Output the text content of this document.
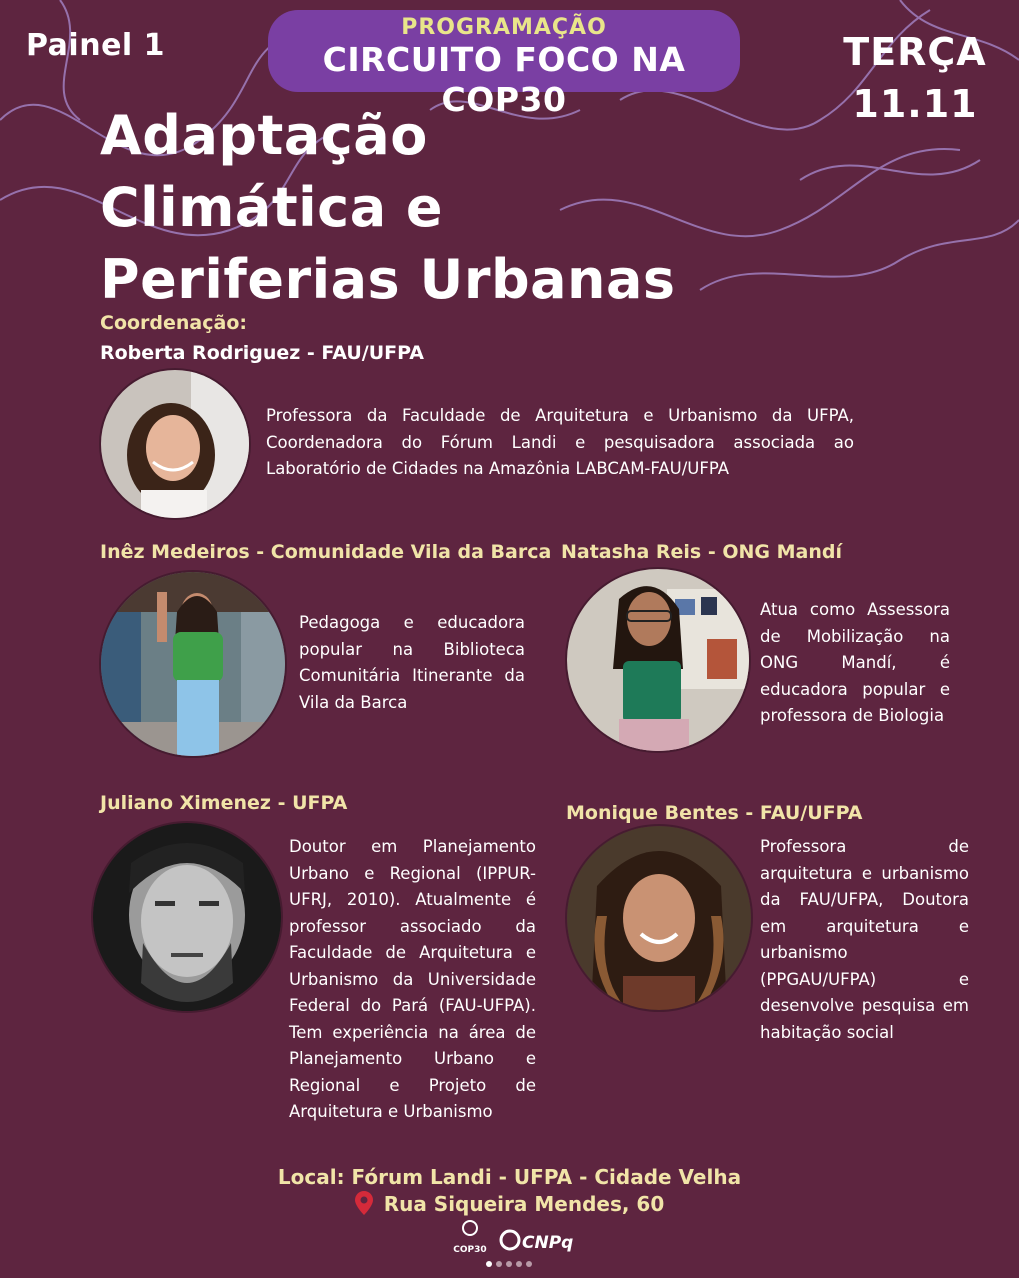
Painel 1
PROGRAMAÇÃO
CIRCUITO FOCO NA COP30
TERÇA
11.11
Adaptação
Climática e
Periferias Urbanas
Coordenação:
Roberta Rodriguez - FAU/UFPA
Professora da Faculdade de Arquitetura e Urbanismo da UFPA, Coordenadora do Fórum Landi e pesquisadora associada ao Laboratório de Cidades na Amazônia LABCAM-FAU/UFPA
Inêz Medeiros - Comunidade Vila da Barca
Pedagoga e educadora popular na Biblioteca Comunitária Itinerante da Vila da Barca
Natasha Reis - ONG Mandí
Atua como Assessora de Mobilização na ONG Mandí, é educadora popular e professora de Biologia
Juliano Ximenez - UFPA
Doutor em Planejamento Urbano e Regional (IPPUR-UFRJ, 2010). Atualmente é professor associado da Faculdade de Arquitetura e Urbanismo da Universidade Federal do Pará (FAU-UFPA). Tem experiência na área de Planejamento Urbano e Regional e Projeto de Arquitetura e Urbanismo
Monique Bentes - FAU/UFPA
Professora de arquitetura e urbanismo da FAU/UFPA, Doutora em arquitetura e urbanismo (PPGAU/UFPA) e desenvolve pesquisa em habitação social
Local: Fórum Landi - UFPA - Cidade Velha
Rua Siqueira Mendes, 60
COP30 CNPq
